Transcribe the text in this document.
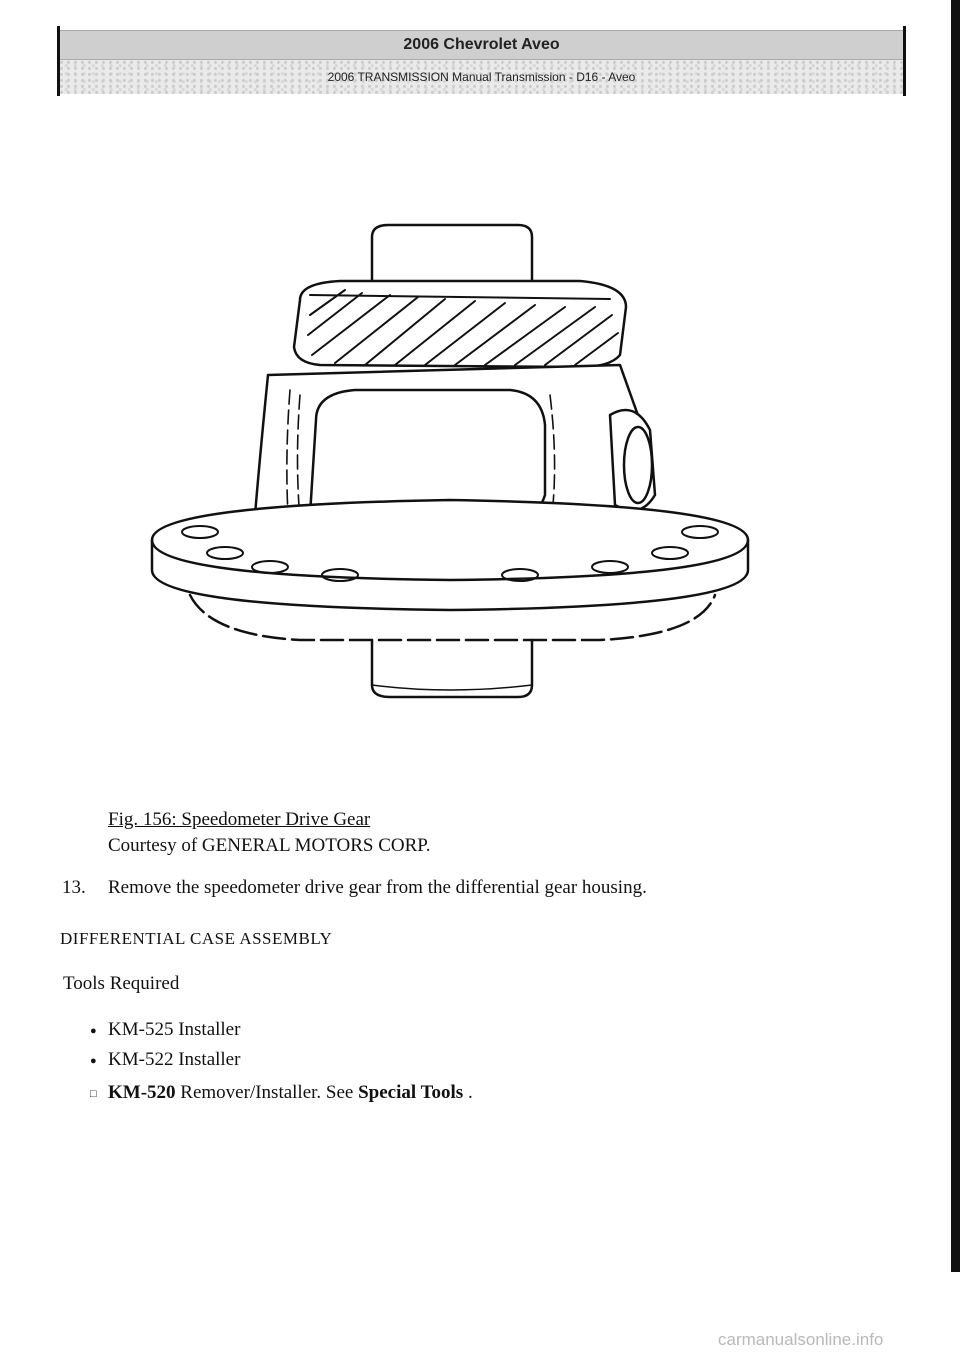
2006 Chevrolet Aveo
2006 TRANSMISSION Manual Transmission - D16 - Aveo
Fig. 156: Speedometer Drive Gear
Courtesy of GENERAL MOTORS CORP.
13. Remove the speedometer drive gear from the differential gear housing.
DIFFERENTIAL CASE ASSEMBLY
Tools Required
● KM-525 Installer
● KM-522 Installer
□ KM-520 Remover/Installer. See Special Tools .
carmanualsonline.info
